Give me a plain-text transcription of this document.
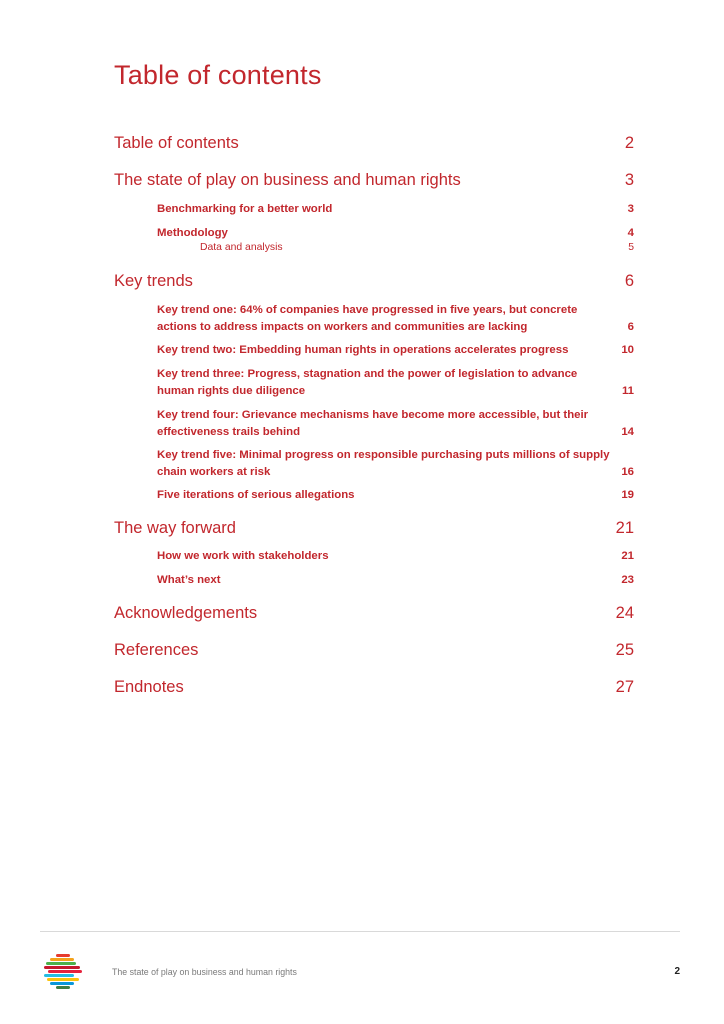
Table of contents
Table of contents	2
The state of play on business and human rights	3
Benchmarking for a better world	3
Methodology	4
Data and analysis	5
Key trends	6
Key trend one: 64% of companies have progressed in five years, but concrete actions to address impacts on workers and communities are lacking	6
Key trend two: Embedding human rights in operations accelerates progress	10
Key trend three: Progress, stagnation and the power of legislation to advance human rights due diligence	11
Key trend four: Grievance mechanisms have become more accessible, but their effectiveness trails behind	14
Key trend five: Minimal progress on responsible purchasing puts millions of supply chain workers at risk	16
Five iterations of serious allegations	19
The way forward	21
How we work with stakeholders	21
What’s next	23
Acknowledgements	24
References	25
Endnotes	27
The state of play on business and human rights	2
